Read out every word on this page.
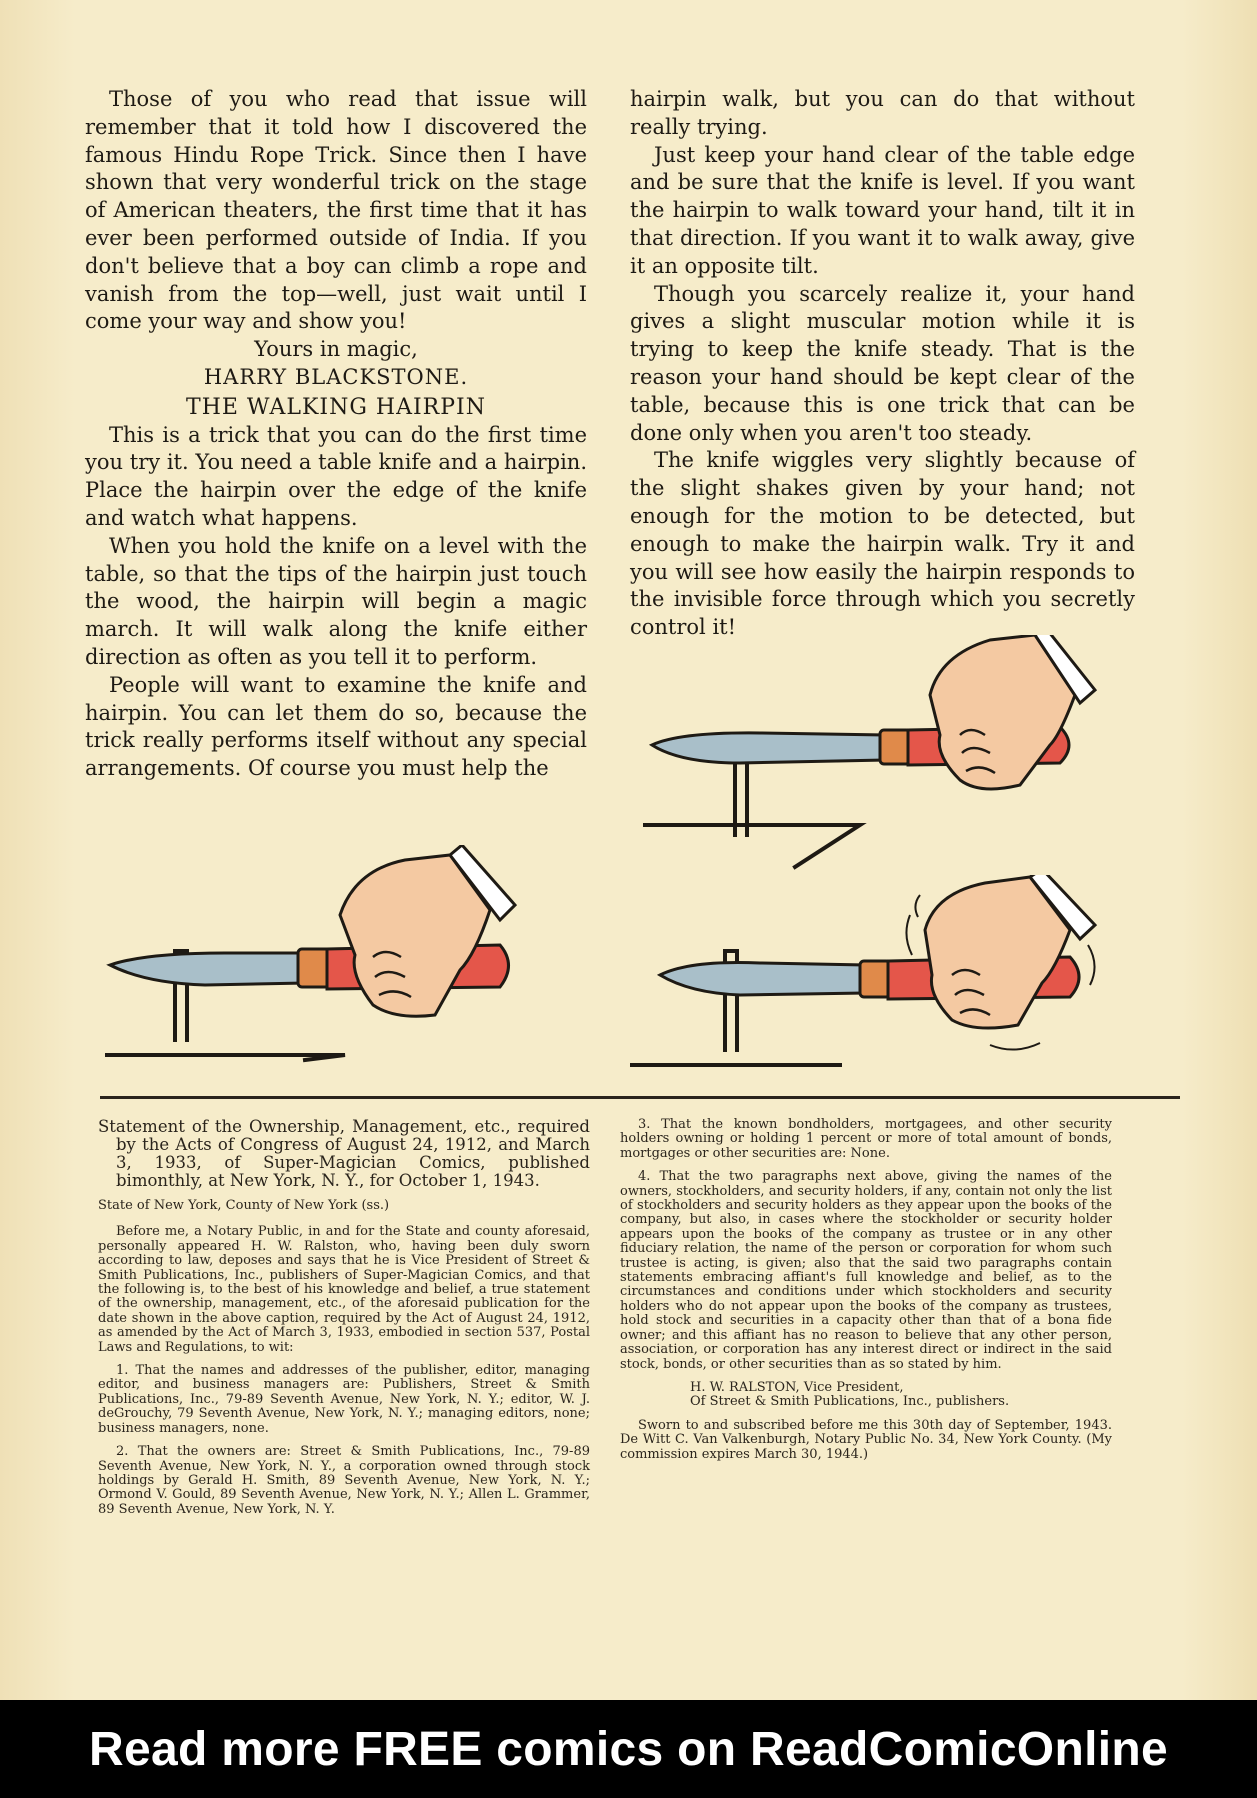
Those of you who read that issue will remember that it told how I discovered the famous Hindu Rope Trick. Since then I have shown that very wonderful trick on the stage of American theaters, the first time that it has ever been performed outside of India. If you don't believe that a boy can climb a rope and vanish from the top—well, just wait until I come your way and show you!

Yours in magic,

HARRY BLACKSTONE.
THE WALKING HAIRPIN

This is a trick that you can do the first time you try it. You need a table knife and a hairpin. Place the hairpin over the edge of the knife and watch what happens.

When you hold the knife on a level with the table, so that the tips of the hairpin just touch the wood, the hairpin will begin a magic march. It will walk along the knife either direction as often as you tell it to perform.

People will want to examine the knife and hairpin. You can let them do so, because the trick really performs itself without any special arrangements. Of course you must help the

hairpin walk, but you can do that without really trying.

Just keep your hand clear of the table edge and be sure that the knife is level. If you want the hairpin to walk toward your hand, tilt it in that direction. If you want it to walk away, give it an opposite tilt.

Though you scarcely realize it, your hand gives a slight muscular motion while it is trying to keep the knife steady. That is the reason your hand should be kept clear of the table, because this is one trick that can be done only when you aren't too steady.

The knife wiggles very slightly because of the slight shakes given by your hand; not enough for the motion to be detected, but enough to make the hairpin walk. Try it and you will see how easily the hairpin responds to the invisible force through which you secretly control it!

Statement of the Ownership, Management, etc., required by the Acts of Congress of August 24, 1912, and March 3, 1933, of Super-Magician Comics, published bimonthly, at New York, N. Y., for October 1, 1943.

State of New York, County of New York (ss.)

Before me, a Notary Public, in and for the State and county aforesaid, personally appeared H. W. Ralston, who, having been duly sworn according to law, deposes and says that he is Vice President of Street & Smith Publications, Inc., publishers of Super-Magician Comics, and that the following is, to the best of his knowledge and belief, a true statement of the ownership, management, etc., of the aforesaid publication for the date shown in the above caption, required by the Act of August 24, 1912, as amended by the Act of March 3, 1933, embodied in section 537, Postal Laws and Regulations, to wit:

1. That the names and addresses of the publisher, editor, managing editor, and business managers are: Publishers, Street & Smith Publications, Inc., 79-89 Seventh Avenue, New York, N. Y.; editor, W. J. deGrouchy, 79 Seventh Avenue, New York, N. Y.; managing editors, none; business managers, none.

2. That the owners are: Street & Smith Publications, Inc., 79-89 Seventh Avenue, New York, N. Y., a corporation owned through stock holdings by Gerald H. Smith, 89 Seventh Avenue, New York, N. Y.; Ormond V. Gould, 89 Seventh Avenue, New York, N. Y.; Allen L. Grammer, 89 Seventh Avenue, New York, N. Y.

3. That the known bondholders, mortgagees, and other security holders owning or holding 1 percent or more of total amount of bonds, mortgages or other securities are: None.

4. That the two paragraphs next above, giving the names of the owners, stockholders, and security holders, if any, contain not only the list of stockholders and security holders as they appear upon the books of the company, but also, in cases where the stockholder or security holder appears upon the books of the company as trustee or in any other fiduciary relation, the name of the person or corporation for whom such trustee is acting, is given; also that the said two paragraphs contain statements embracing affiant's full knowledge and belief, as to the circumstances and conditions under which stockholders and security holders who do not appear upon the books of the company as trustees, hold stock and securities in a capacity other than that of a bona fide owner; and this affiant has no reason to believe that any other person, association, or corporation has any interest direct or indirect in the said stock, bonds, or other securities than as so stated by him.

H. W. RALSTON, Vice President,

Of Street & Smith Publications, Inc., publishers.

Sworn to and subscribed before me this 30th day of September, 1943. De Witt C. Van Valkenburgh, Notary Public No. 34, New York County. (My commission expires March 30, 1944.)

Read more FREE comics on ReadComicOnline
